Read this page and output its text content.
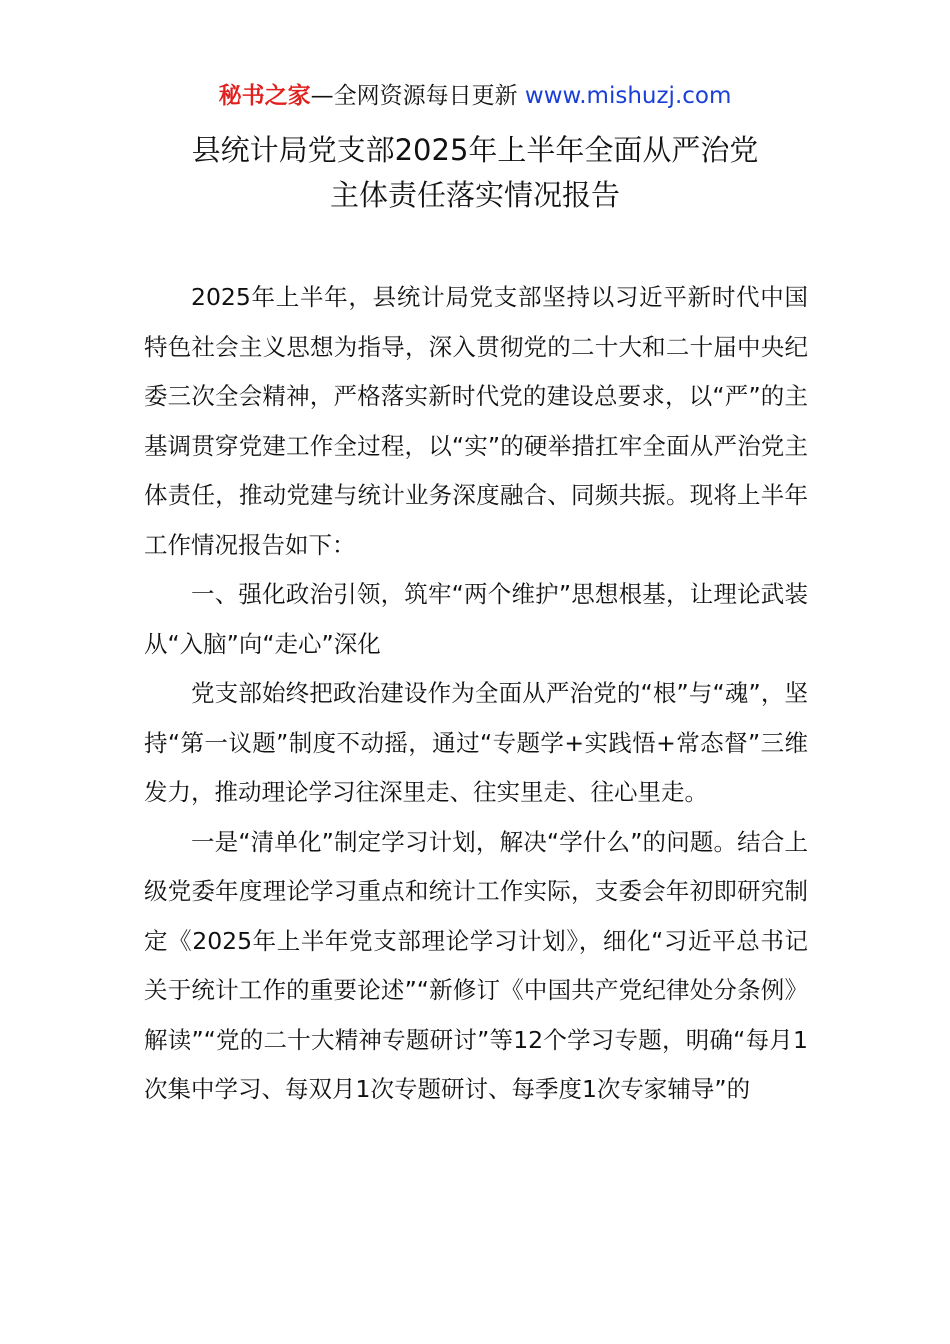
秘书之家—全网资源每日更新 www.mishuzj.com
县统计局党支部2025年上半年全面从严治党
主体责任落实情况报告

2025年上半年，县统计局党支部坚持以习近平新时代中国特色社会主义思想为指导，深入贯彻党的二十大和二十届中央纪委三次全会精神，严格落实新时代党的建设总要求，以“严”的主基调贯穿党建工作全过程，以“实”的硬举措扛牢全面从严治党主体责任，推动党建与统计业务深度融合、同频共振。现将上半年工作情况报告如下：

一、强化政治引领，筑牢“两个维护”思想根基，让理论武装从“入脑”向“走心”深化

党支部始终把政治建设作为全面从严治党的“根”与“魂”，坚持“第一议题”制度不动摇，通过“专题学+实践悟+常态督”三维发力，推动理论学习往深里走、往实里走、往心里走。

一是“清单化”制定学习计划，解决“学什么”的问题。结合上级党委年度理论学习重点和统计工作实际，支委会年初即研究制定《2025年上半年党支部理论学习计划》，细化“习近平总书记关于统计工作的重要论述”“新修订《中国共产党纪律处分条例》解读”“党的二十大精神专题研讨”等12个学习专题，明确“每月1次集中学习、每双月1次专题研讨、每季度1次专家辅导”的
